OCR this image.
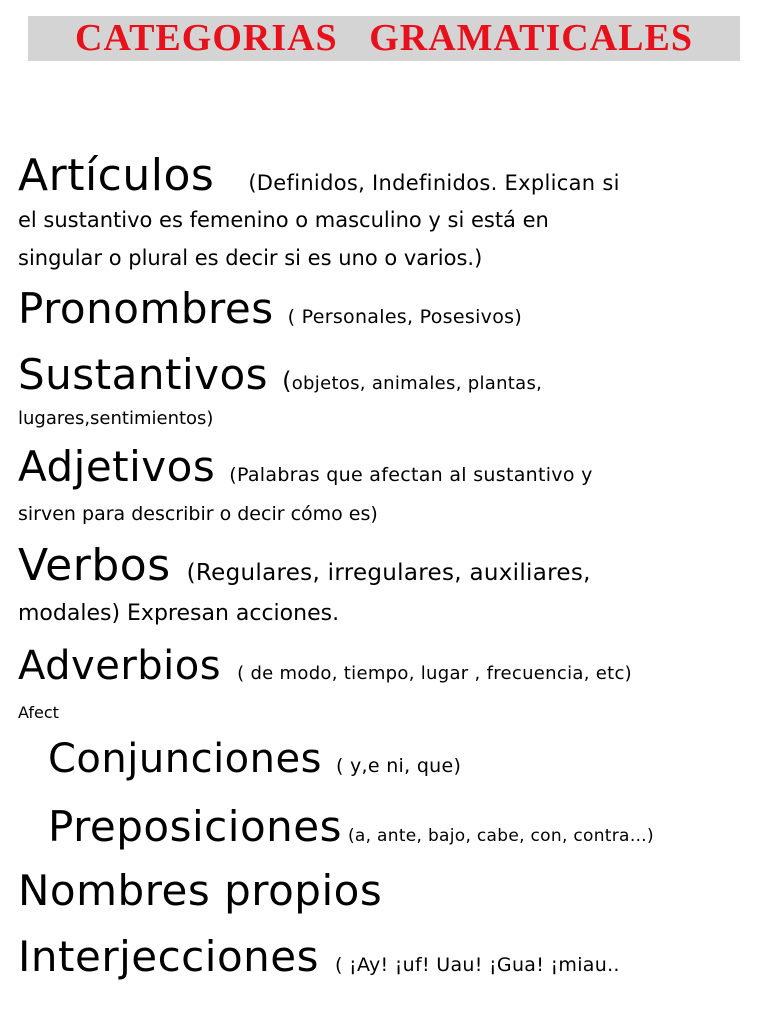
CATEGORIAS   GRAMATICALES
Artículos (Definidos, Indefinidos. Explican si
el sustantivo es femenino o masculino y si está en
singular o plural es decir si es uno o varios.)
Pronombres ( Personales, Posesivos)
Sustantivos (objetos, animales, plantas,
lugares,sentimientos)
Adjetivos (Palabras que afectan al sustantivo y
sirven para describir o decir cómo es)
Verbos (Regulares, irregulares, auxiliares,
modales) Expresan acciones.
Adverbios ( de modo, tiempo, lugar , frecuencia, etc)
Afect
Conjunciones ( y,e ni, que)
Preposiciones (a, ante, bajo, cabe, con, contra…)
Nombres propios
Interjecciones ( ¡Ay! ¡uf! Uau! ¡Gua! ¡miau..
